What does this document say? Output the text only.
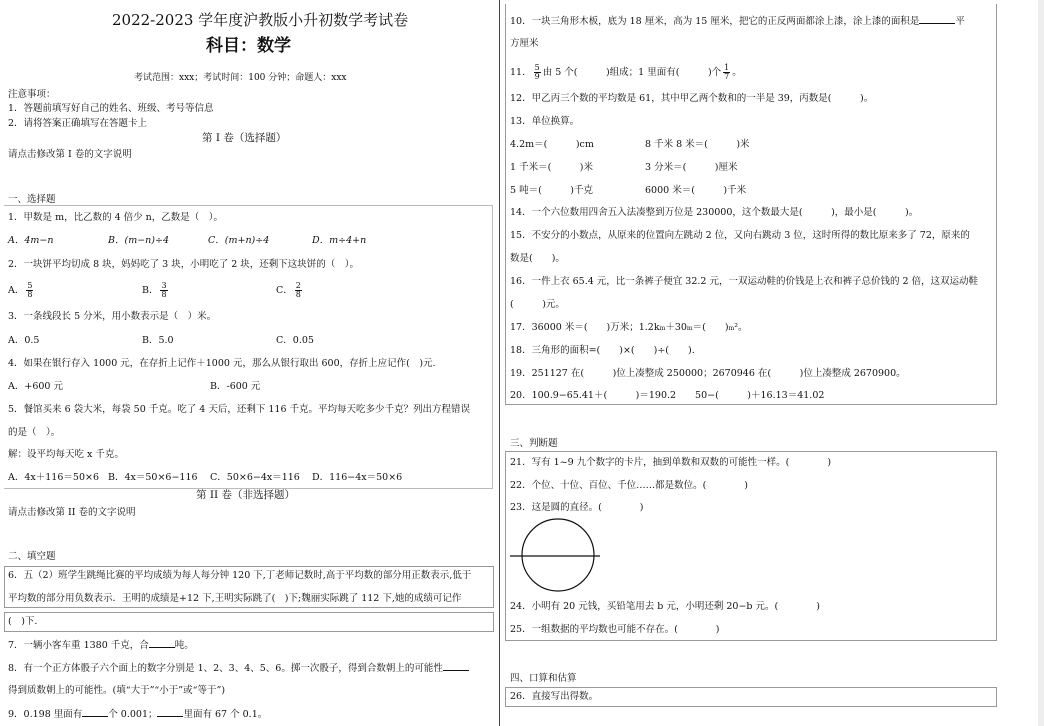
2022-2023 学年度沪教版小升初数学考试卷
科目：数学
考试范围：xxx；考试时间：100 分钟；命题人：xxx
注意事项：
1．答题前填写好自己的姓名、班级、考号等信息
2．请将答案正确填写在答题卡上
第 I 卷（选择题）
请点击修改第 I 卷的文字说明
一、选择题
1．甲数是 m，比乙数的 4 倍少 n，乙数是（　）。
A．4m−n	B．(m−n)÷4	C．(m+n)÷4	D．m÷4+n
2．一块饼平均切成 8 块，妈妈吃了 3 块，小明吃了 2 块，还剩下这块饼的（　）。
A． $\frac{5}{8}$	B． $\frac{3}{8}$	C． $\frac{2}{8}$
3．一条线段长 5 分米，用小数表示是（　）米。
A．0.5	B．5.0	C．0.05
4．如果在银行存入 1000 元，在存折上记作＋1000 元，那么从银行取出 600，存折上应记作(　)元.
A．+600 元	B．-600 元
5．餐馆买来 6 袋大米，每袋 50 千克。吃了 4 天后，还剩下 116 千克。平均每天吃多少千克？列出方程错误
的是（　）。
解：设平均每天吃 x 千克。
A．4x＋116＝50×6 B．4x＝50×6−116 C．50×6−4x＝116 D．116−4x＝50×6
第 II 卷（非选择题）
请点击修改第 II 卷的文字说明
二、填空题
6．五（2）班学生跳绳比赛的平均成绩为每人每分钟 120 下,丁老师记数时,高于平均数的部分用正数表示,低于
平均数的部分用负数表示．王明的成绩是+12 下,王明实际跳了(　)下;魏丽实际跳了 112 下,她的成绩可记作
(　)下.
7．一辆小客车重 1380 千克，合	吨。
8．有一个正方体骰子六个面上的数字分别是 1、2、3、4、5、6。掷一次骰子，得到合数朝上的可能性
得到质数朝上的可能性。(填“大于”“小于”或“等于”)
9．0.198 里面有	个 0.001；	里面有 67 个 0.1。
10．一块三角形木板，底为 18 厘米，高为 15 厘米，把它的正反两面都涂上漆，涂上漆的面积是	平
方厘米
11． $\frac{5}{9}$ 由 5 个(　　　)组成；1 里面有(　　　)个 $\frac{1}{7}$ 。
12．甲乙丙三个数的平均数是 61，其中甲乙两个数和的一半是 39，丙数是(　　　)。
13．单位换算。
4.2m＝(　　　)cm	8 千米 8 米＝(　　　)米
1 千米＝(　　　)米	3 分米＝(　　　)厘米
5 吨＝(　　　)千克	6000 米＝(　　　)千米
14．一个六位数用四舍五入法凑整到万位是 230000，这个数最大是(　　　)，最小是(　　　)。
15．不安分的小数点，从原来的位置向左跳动 2 位，又向右跳动 3 位，这时所得的数比原来多了 72，原来的
数是(　　)。
16．一件上衣 65.4 元，比一条裤子便宜 32.2 元，一双运动鞋的价钱是上衣和裤子总价钱的 2 倍，这双运动鞋
(　　　)元。
17．36000 米＝(　　)万米；1.2km＋30m＝(　　)m²。
18．三角形的面积=(　　)×(　　)÷(　　).
19．251127 在(　　　)位上凑整成 250000；2670946 在(　　　)位上凑整成 2670900。
20．100.9−65.41＋(　　　)＝190.2　　50−(　　　)＋16.13＝41.02
三、判断题
21．写有 1~9 九个数字的卡片，抽到单数和双数的可能性一样。(　　　　)
22．个位、十位、百位、千位……都是数位。(　　　　)
23．这是圆的直径。(　　　　)
24．小明有 20 元钱，买铅笔用去 b 元，小明还剩 20−b 元。(　　　　)
25．一组数据的平均数也可能不存在。(　　　　)
四、口算和估算
26．直接写出得数。
